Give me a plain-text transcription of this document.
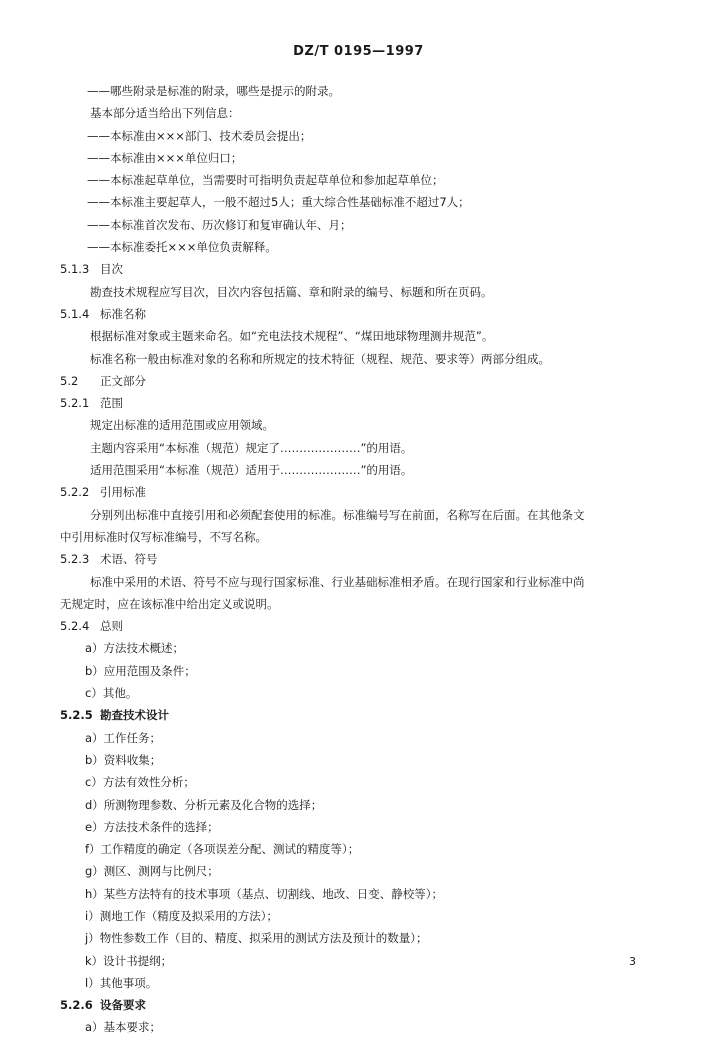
DZ/T 0195—1997
——哪些附录是标准的附录，哪些是提示的附录。
基本部分适当给出下列信息：
——本标准由×××部门、技术委员会提出；
——本标准由×××单位归口；
——本标准起草单位，当需要时可指明负责起草单位和参加起草单位；
——本标准主要起草人，一般不超过5人；重大综合性基础标准不超过7人；
——本标准首次发布、历次修订和复审确认年、月；
——本标准委托×××单位负责解释。
5.1.3 目次
勘查技术规程应写目次，目次内容包括篇、章和附录的编号、标题和所在页码。
5.1.4 标准名称
根据标准对象或主题来命名。如“充电法技术规程”、“煤田地球物理测井规范”。
标准名称一般由标准对象的名称和所规定的技术特征（规程、规范、要求等）两部分组成。
5.2 正文部分
5.2.1 范围
规定出标准的适用范围或应用领域。
主题内容采用“本标准（规范）规定了…………………”的用语。
适用范围采用“本标准（规范）适用于…………………”的用语。
5.2.2 引用标准
分别列出标准中直接引用和必须配套使用的标准。标准编号写在前面，名称写在后面。在其他条文
中引用标准时仅写标准编号，不写名称。
5.2.3 术语、符号
标准中采用的术语、符号不应与现行国家标准、行业基础标准相矛盾。在现行国家和行业标准中尚
无规定时，应在该标准中给出定义或说明。
5.2.4 总则
a）方法技术概述；
b）应用范围及条件；
c）其他。
5.2.5 勘查技术设计
a）工作任务；
b）资料收集；
c）方法有效性分析；
d）所测物理参数、分析元素及化合物的选择；
e）方法技术条件的选择；
f）工作精度的确定（各项误差分配、测试的精度等）；
g）测区、测网与比例尺；
h）某些方法特有的技术事项（基点、切割线、地改、日变、静校等）；
i）测地工作（精度及拟采用的方法）；
j）物性参数工作（目的、精度、拟采用的测试方法及预计的数量）；
k）设计书提纲；
l）其他事项。
5.2.6 设备要求
a）基本要求；
3
